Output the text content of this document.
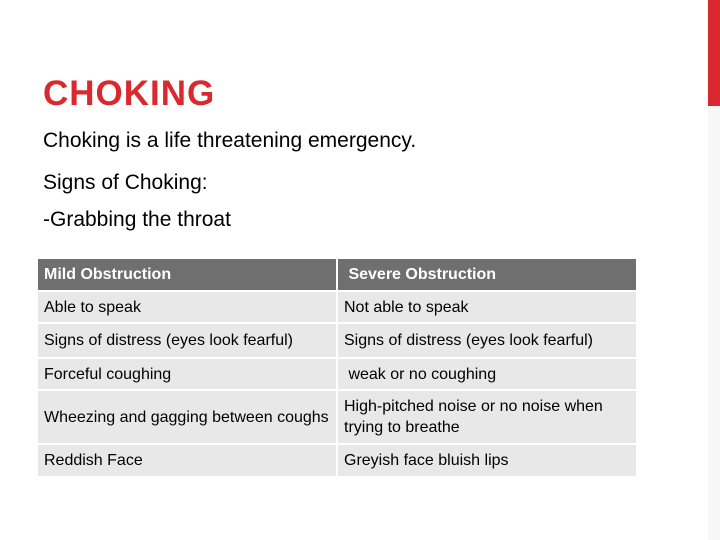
CHOKING

Choking is a life threatening emergency.

Signs of Choking:

-Grabbing the throat

Mild Obstruction	Severe Obstruction
Able to speak	Not able to speak
Signs of distress (eyes look fearful)	Signs of distress (eyes look fearful)
Forceful coughing	weak or no coughing
Wheezing and gagging between coughs	High-pitched noise or no noise when trying to breathe
Reddish Face	Greyish face bluish lips
